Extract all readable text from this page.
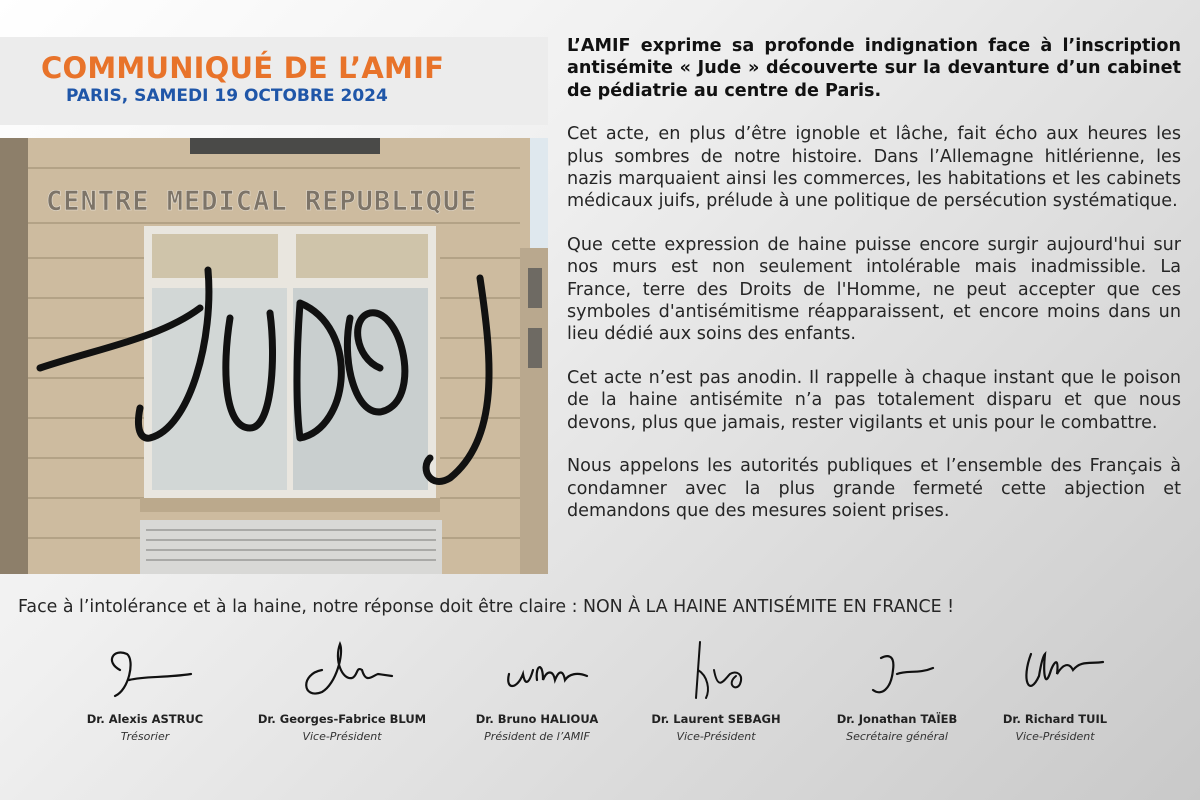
COMMUNIQUÉ DE L’AMIF
PARIS, SAMEDI 19 OCTOBRE 2024
CENTRE MEDICAL REPUBLIQUE

L’AMIF exprime sa profonde indignation face à l’inscription antisémite « Jude » découverte sur la devanture d’un cabinet de pédiatrie au centre de Paris.

Cet acte, en plus d’être ignoble et lâche, fait écho aux heures les plus sombres de notre histoire. Dans l’Allemagne hitlérienne, les nazis marquaient ainsi les commerces, les habitations et les cabinets médicaux juifs, prélude à une politique de persécution systématique.

Que cette expression de haine puisse encore surgir aujourd'hui sur nos murs est non seulement intolérable mais inadmissible. La France, terre des Droits de l'Homme, ne peut accepter que ces symboles d'antisémitisme réapparaissent, et encore moins dans un lieu dédié aux soins des enfants.

Cet acte n’est pas anodin. Il rappelle à chaque instant que le poison de la haine antisémite n’a pas totalement disparu et que nous devons, plus que jamais, rester vigilants et unis pour le combattre.

Nous appelons les autorités publiques et l’ensemble des Français à condamner avec la plus grande fermeté cette abjection et demandons que des mesures soient prises.

Face à l’intolérance et à la haine, notre réponse doit être claire : NON À LA HAINE ANTISÉMITE EN FRANCE !
Dr. Alexis ASTRUC
Trésorier
Dr. Georges-Fabrice BLUM
Vice-Président
Dr. Bruno HALIOUA
Président de l’AMIF
Dr. Laurent SEBAGH
Vice-Président
Dr. Jonathan TAÏEB
Secrétaire général
Dr. Richard TUIL
Vice-Président
